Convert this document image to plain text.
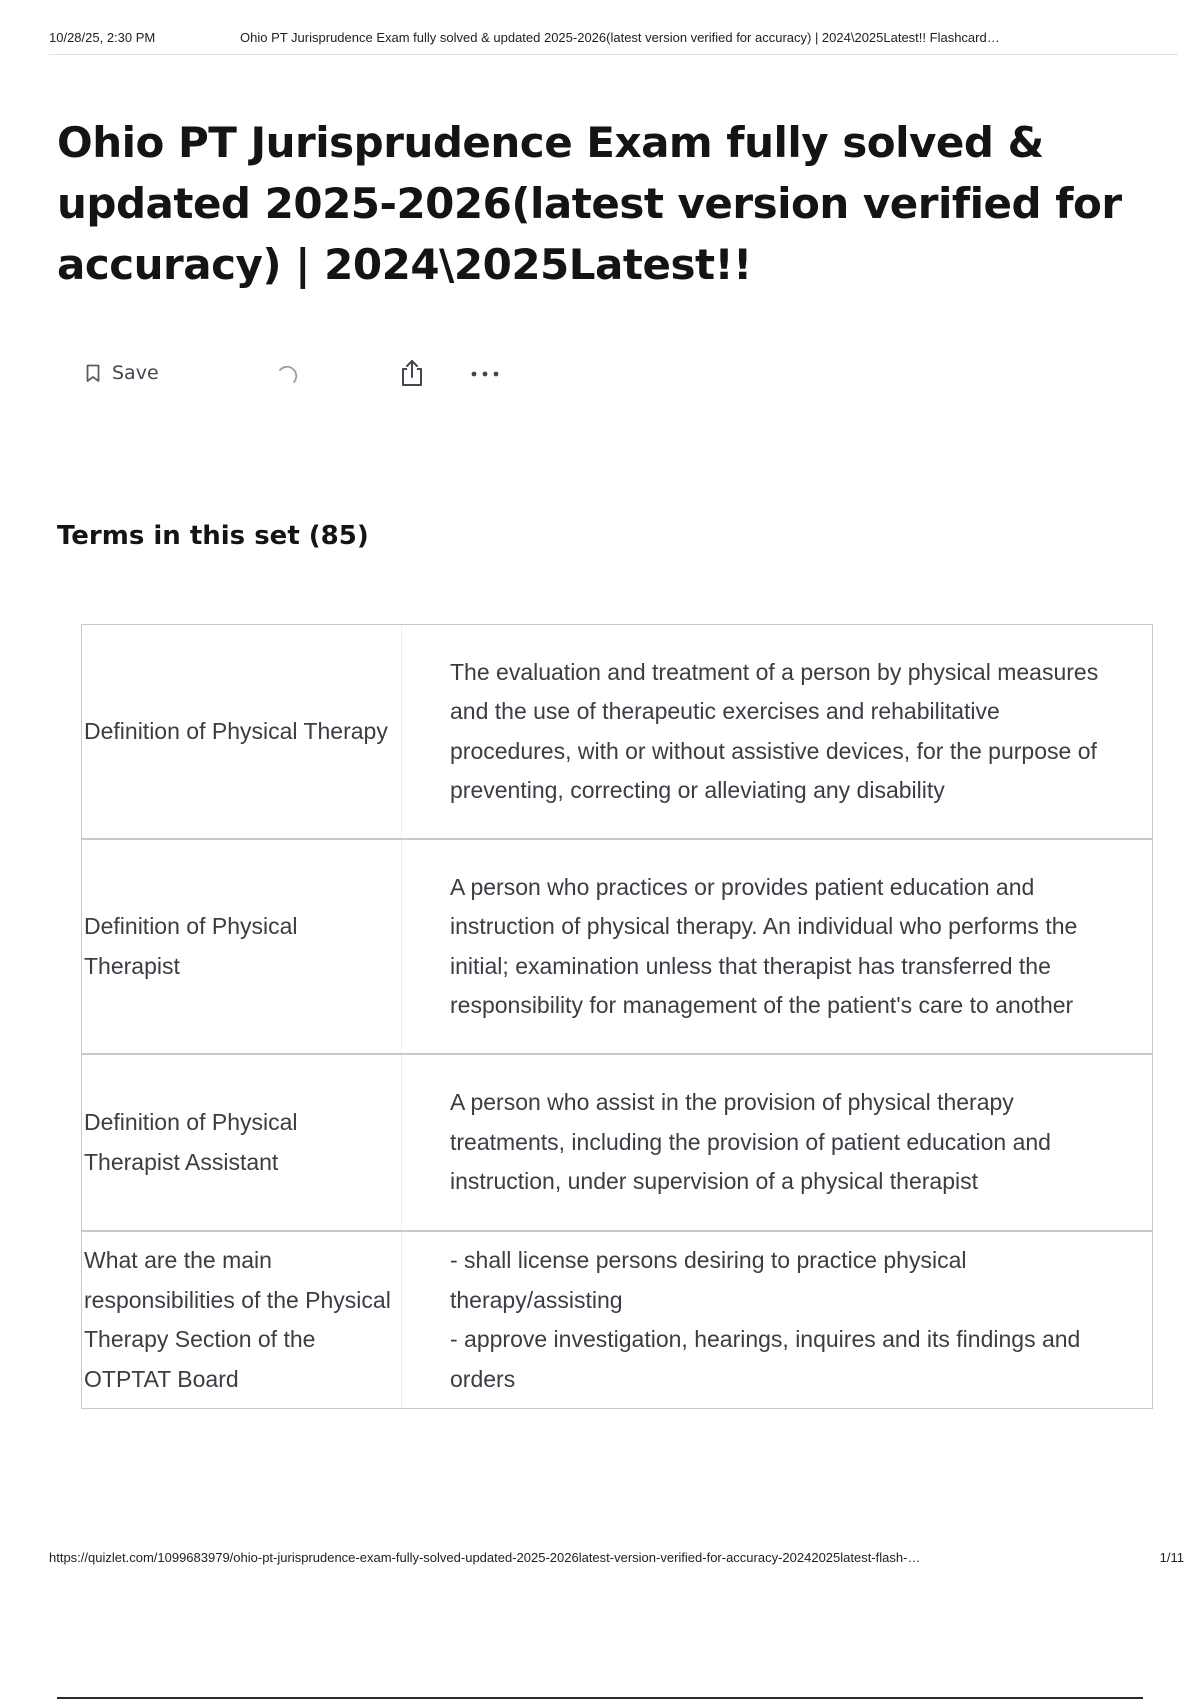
10/28/25, 2:30 PM	Ohio PT Jurisprudence Exam fully solved & updated 2025-2026(latest version verified for accuracy) | 2024\2025Latest!! Flashcard…
Ohio PT Jurisprudence Exam fully solved & updated 2025-2026(latest version verified for accuracy) | 2024\2025Latest!!
Save
Terms in this set (85)
Definition of Physical Therapy
The evaluation and treatment of a person by physical measures and the use of therapeutic exercises and rehabilitative procedures, with or without assistive devices, for the purpose of preventing, correcting or alleviating any disability
Definition of Physical Therapist
A person who practices or provides patient education and instruction of physical therapy. An individual who performs the initial; examination unless that therapist has transferred the responsibility for management of the patient's care to another
Definition of Physical Therapist Assistant
A person who assist in the provision of physical therapy treatments, including the provision of patient education and instruction, under supervision of a physical therapist
What are the main responsibilities of the Physical Therapy Section of the OTPTAT Board
- shall license persons desiring to practice physical therapy/assisting
- approve investigation, hearings, inquires and its findings and orders
https://quizlet.com/1099683979/ohio-pt-jurisprudence-exam-fully-solved-updated-2025-2026latest-version-verified-for-accuracy-20242025latest-flash-…	1/11
